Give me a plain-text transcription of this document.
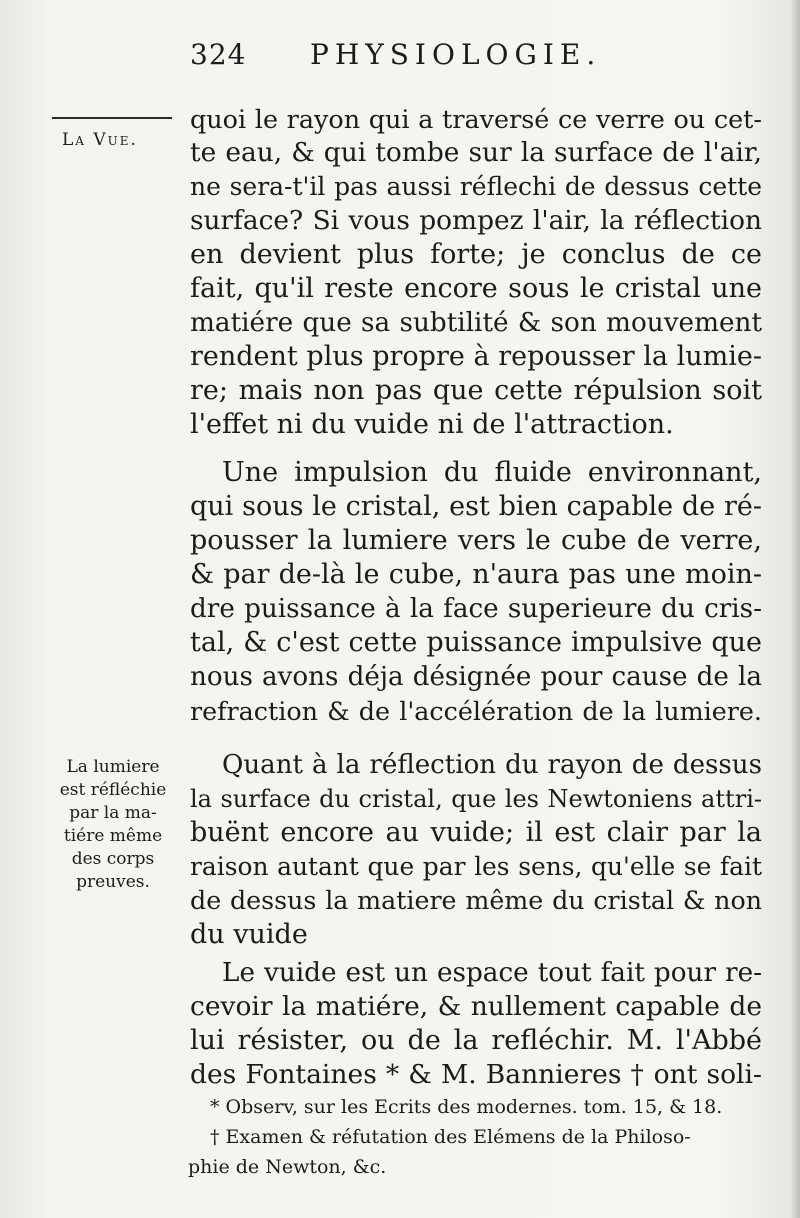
324 PHYSIOLOGIE.
La Vue.
La lumiere
est réfléchie
par la ma-
tiére même
des corps
preuves.
quoi le rayon qui a traversé ce verre ou cet-
te eau, & qui tombe sur la surface de l'air,
ne sera-t'il pas aussi réflechi de dessus cette
surface? Si vous pompez l'air, la réflection
en devient plus forte; je conclus de ce
fait, qu'il reste encore sous le cristal une
matiére que sa subtilité & son mouvement
rendent plus propre à repousser la lumie-
re; mais non pas que cette répulsion soit
l'effet ni du vuide ni de l'attraction.
Une impulsion du fluide environnant,
qui sous le cristal, est bien capable de ré-
pousser la lumiere vers le cube de verre,
& par de-là le cube, n'aura pas une moin-
dre puissance à la face superieure du cris-
tal, & c'est cette puissance impulsive que
nous avons déja désignée pour cause de la
refraction & de l'accélération de la lumiere.
Quant à la réflection du rayon de dessus
la surface du cristal, que les Newtoniens attri-
buënt encore au vuide; il est clair par la
raison autant que par les sens, qu'elle se fait
de dessus la matiere même du cristal & non
du vuide
Le vuide est un espace tout fait pour re-
cevoir la matiére, & nullement capable de
lui résister, ou de la refléchir. M. l'Abbé
des Fontaines * & M. Bannieres † ont soli-
* Observ, sur les Ecrits des modernes. tom. 15, & 18.
† Examen & réfutation des Elémens de la Philoso-
phie de Newton, &c.
